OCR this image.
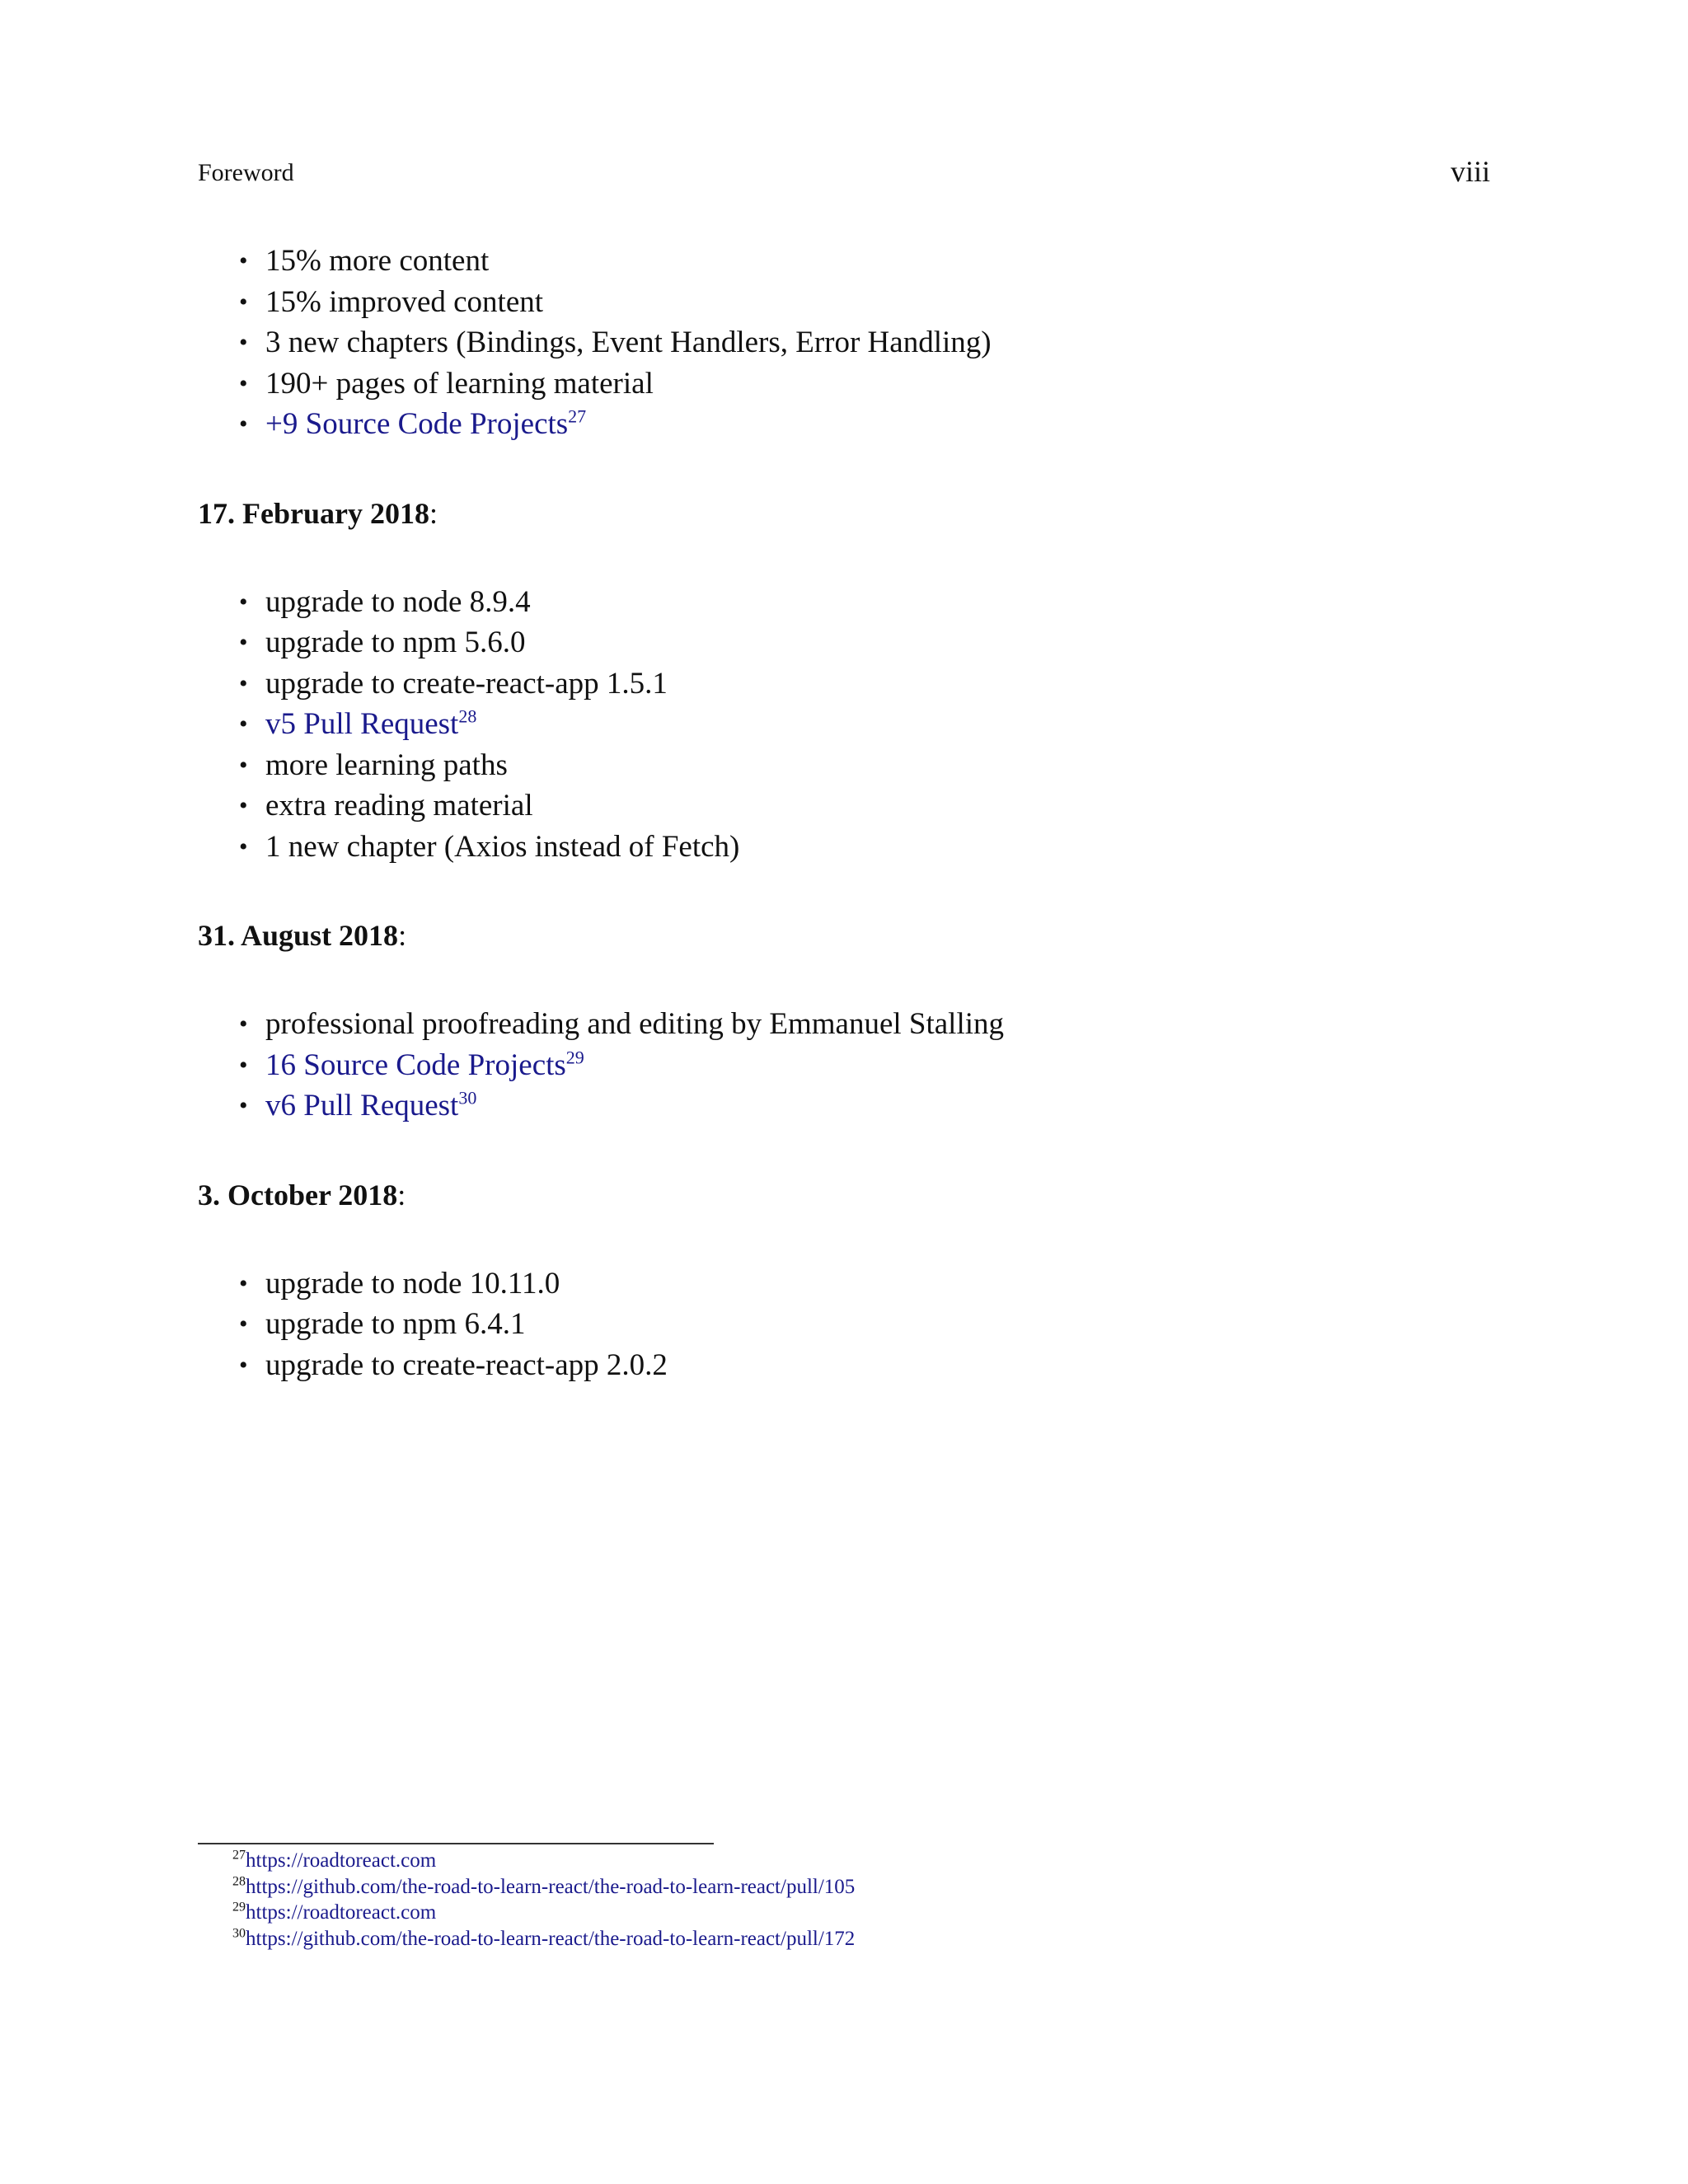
Foreword	viii
• 15% more content
• 15% improved content
• 3 new chapters (Bindings, Event Handlers, Error Handling)
• 190+ pages of learning material
• +9 Source Code Projects$^{27}$
17. February 2018:
• upgrade to node 8.9.4
• upgrade to npm 5.6.0
• upgrade to create-react-app 1.5.1
• v5 Pull Request$^{28}$
• more learning paths
• extra reading material
• 1 new chapter (Axios instead of Fetch)
31. August 2018:
• professional proofreading and editing by Emmanuel Stalling
• 16 Source Code Projects$^{29}$
• v6 Pull Request$^{30}$
3. October 2018:
• upgrade to node 10.11.0
• upgrade to npm 6.4.1
• upgrade to create-react-app 2.0.2
$^{27}$https://roadtoreact.com
$^{28}$https://github.com/the-road-to-learn-react/the-road-to-learn-react/pull/105
$^{29}$https://roadtoreact.com
$^{30}$https://github.com/the-road-to-learn-react/the-road-to-learn-react/pull/172
